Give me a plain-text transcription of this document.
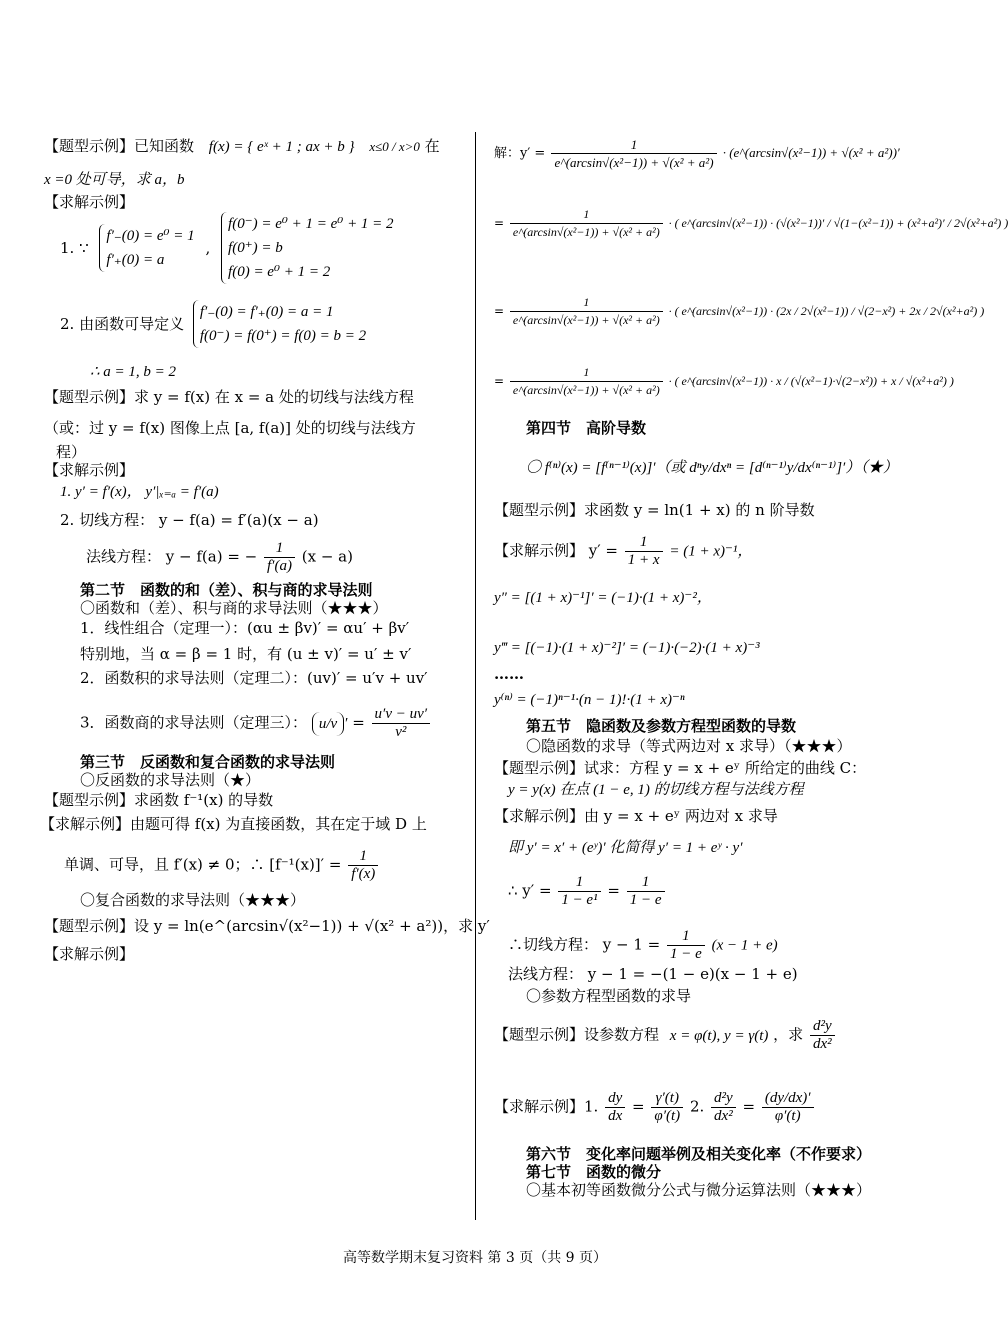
【题型示例】已知函数 f(x) = { eˣ + 1 ; ax + b } x≤0 / x>0 在
x =0 处可导，求 a，b
【求解示例】
1. ∵
f′₋(0) = e⁰ = 1
f′₊(0) = a
,
f(0⁻) = e⁰ + 1 = e⁰ + 1 = 2
f(0⁺) = b
f(0) = e⁰ + 1 = 2
2. 由函数可导定义
f′₋(0) = f′₊(0) = a = 1
f(0⁻) = f(0⁺) = f(0) = b = 2
∴ a = 1, b = 2
【题型示例】求 y = f(x) 在 x = a 处的切线与法线方程
（或：过 y = f(x) 图像上点 [a, f(a)] 处的切线与法线方
程）
【求解示例】
1. y′ = f′(x)， y′|ₓ₌ₐ = f′(a)
2. 切线方程： y − f(a) = f′(a)(x − a)
法线方程： y − f(a) = − $\frac{1}{f'(a)} (x - a)$
第二节　函数的和（差）、积与商的求导法则
〇函数和（差）、积与商的求导法则（★★★）
1．线性组合（定理一）：(αu ± βv)′ = αu′ + βv′
特别地，当 α = β = 1 时，有 (u ± v)′ = u′ ± v′
2．函数积的求导法则（定理二）：(uv)′ = u′v + uv′
3．函数商的求导法则（定理三）： u/v ′ = $\frac{u'v - uv'}{\text{v²}}$
第三节　反函数和复合函数的求导法则
〇反函数的求导法则（★）
【题型示例】求函数 f⁻¹(x) 的导数
【求解示例】由题可得 f(x) 为直接函数，其在定于域 D 上
单调、可导，且 f′(x) ≠ 0；∴ $[f^{-1}(x)]' = \frac{1}{f'(x)}$
〇复合函数的求导法则（★★★）
【题型示例】设 y = ln(e^(arcsin√(x²−1)) + √(x² + a²))，求 y′
【求解示例】
解：$y' = \frac{1}{\text{e\textasciicircum{}(arcsin√(x²−1)) + √(x² + a²)}}$ · (e^(arcsin√(x²−1)) + √(x² + a²))′
= $\frac{1}{\text{e\textasciicircum{}(arcsin√(x²−1)) + √(x² + a²)}}$ · ( e^(arcsin√(x²−1)) · (√(x²−1))′ / √(1−(x²−1)) + (x²+a²)′ / 2√(x²+a²) )
= $\frac{1}{\text{e\textasciicircum{}(arcsin√(x²−1)) + √(x² + a²)}}$ · ( e^(arcsin√(x²−1)) · (2x / 2√(x²−1)) / √(2−x²) + 2x / 2√(x²+a²) )
= $\frac{1}{\text{e\textasciicircum{}(arcsin√(x²−1)) + √(x² + a²)}}$ · ( e^(arcsin√(x²−1)) · x / (√(x²−1)·√(2−x²)) + x / √(x²+a²) )
第四节　高阶导数
〇 f⁽ⁿ⁾(x) = [f⁽ⁿ⁻¹⁾(x)]′（或 dⁿy/dxⁿ = [d⁽ⁿ⁻¹⁾y/dx⁽ⁿ⁻¹⁾]′）（★）
【题型示例】求函数 y = ln(1 + x) 的 n 阶导数
【求解示例】 $y' = \frac{1}{1 + x} = (1 + x)^{-1}$，
y″ = [(1 + x)⁻¹]′ = (−1)·(1 + x)⁻²，
y‴ = [(−1)·(1 + x)⁻²]′ = (−1)·(−2)·(1 + x)⁻³
……
y⁽ⁿ⁾ = (−1)ⁿ⁻¹·(n − 1)!·(1 + x)⁻ⁿ
第五节　隐函数及参数方程型函数的导数
〇隐函数的求导（等式两边对 x 求导）（★★★）
【题型示例】试求：方程 y = x + eʸ 所给定的曲线 C：
y = y(x) 在点 (1 − e, 1) 的切线方程与法线方程
【求解示例】由 y = x + eʸ 两边对 x 求导
即 y′ = x′ + (eʸ)′ 化简得 y′ = 1 + eʸ · y′
∴ $y' = \frac{1}{\text{1 − e¹}} = \frac{1}{1 - e}$
∴切线方程： $y - 1 = \frac{1}{1 - e} (x - 1 + e)$
法线方程： y − 1 = −(1 − e)(x − 1 + e)
〇参数方程型函数的求导
【题型示例】设参数方程 x = φ(t), y = γ(t) ，求 $\frac{\text{d²y}}{\text{dx²}}$
【求解示例】1. $\frac{dy}{dx} = \frac{\gamma'(t)}{\varphi'(t)} 2$. $\frac{\text{d²y}}{\text{dx²}} = \frac{(dy/dx)'}{\varphi'(t)}$
第六节　变化率问题举例及相关变化率（不作要求）
第七节　函数的微分
〇基本初等函数微分公式与微分运算法则（★★★）
高等数学期末复习资料 第 3 页（共 9 页）
